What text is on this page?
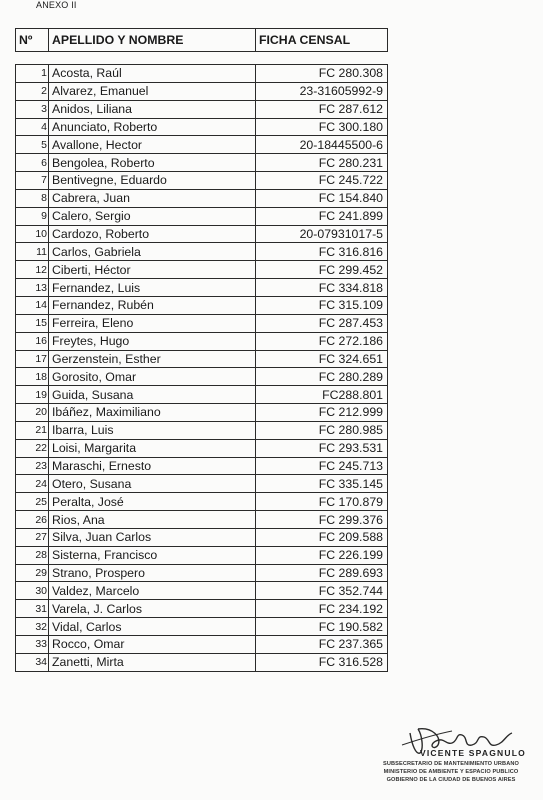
ANEXO II
Nº	APELLIDO Y NOMBRE	FICHA CENSAL

1	Acosta, Raúl	FC 280.308
2	Alvarez, Emanuel	23-31605992-9
3	Anidos, Liliana	FC 287.612
4	Anunciato, Roberto	FC 300.180
5	Avallone, Hector	20-18445500-6
6	Bengolea, Roberto	FC 280.231
7	Bentivegne, Eduardo	FC 245.722
8	Cabrera, Juan	FC 154.840
9	Calero, Sergio	FC 241.899
10	Cardozo, Roberto	20-07931017-5
11	Carlos, Gabriela	FC 316.816
12	Ciberti, Héctor	FC 299.452
13	Fernandez, Luis	FC 334.818
14	Fernandez, Rubén	FC 315.109
15	Ferreira, Eleno	FC 287.453
16	Freytes, Hugo	FC 272.186
17	Gerzenstein, Esther	FC 324.651
18	Gorosito, Omar	FC 280.289
19	Guida, Susana	FC288.801
20	Ibáñez, Maximiliano	FC 212.999
21	Ibarra, Luis	FC 280.985
22	Loisi, Margarita	FC 293.531
23	Maraschi, Ernesto	FC 245.713
24	Otero, Susana	FC 335.145
25	Peralta, José	FC 170.879
26	Rios, Ana	FC 299.376
27	Silva, Juan Carlos	FC 209.588
28	Sisterna, Francisco	FC 226.199
29	Strano, Prospero	FC 289.693
30	Valdez, Marcelo	FC 352.744
31	Varela, J. Carlos	FC 234.192
32	Vidal, Carlos	FC 190.582
33	Rocco, Omar	FC 237.365
34	Zanetti, Mirta	FC 316.528
VICENTE SPAGNULO
SUBSECRETARIO DE MANTENIMIENTO URBANO
MINISTERIO DE AMBIENTE Y ESPACIO PUBLICO
GOBIERNO DE LA CIUDAD DE BUENOS AIRES
